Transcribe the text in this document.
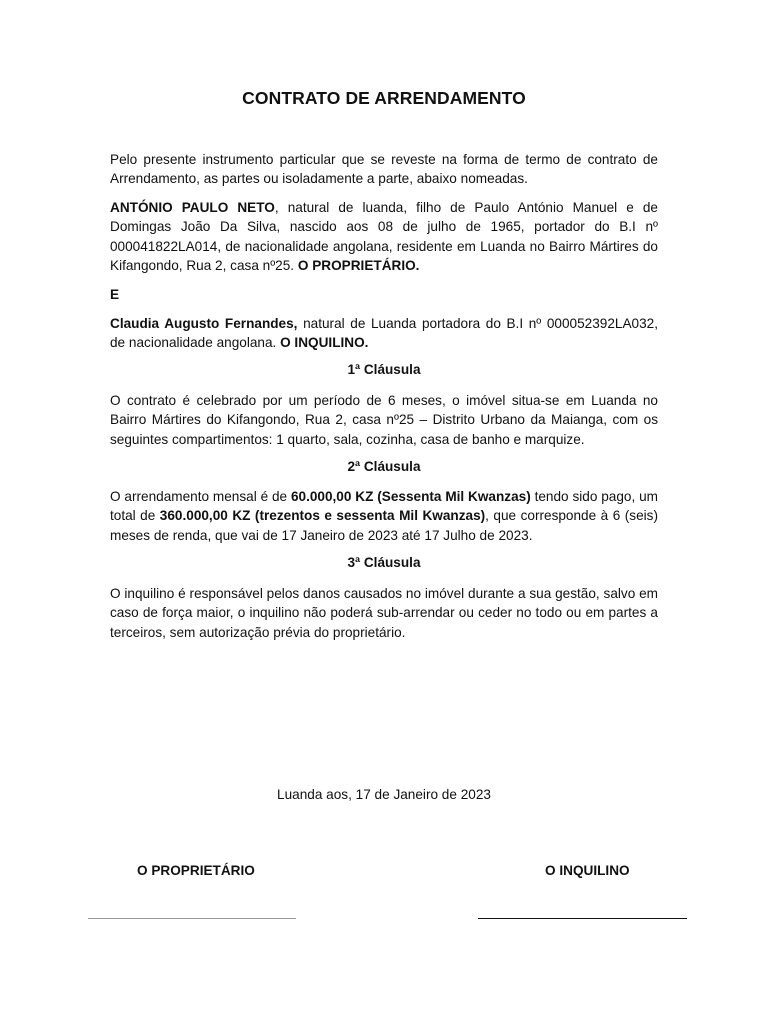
CONTRATO DE ARRENDAMENTO

Pelo presente instrumento particular que se reveste na forma de termo de contrato de Arrendamento, as partes ou isoladamente a parte, abaixo nomeadas.

ANTÓNIO PAULO NETO, natural de luanda, filho de Paulo António Manuel e de Domingas João Da Silva, nascido aos 08 de julho de 1965, portador do B.I nº 000041822LA014, de nacionalidade angolana, residente em Luanda no Bairro Mártires do Kifangondo, Rua 2, casa nº25. O PROPRIETÁRIO.

E

Claudia Augusto Fernandes, natural de Luanda portadora do B.I nº 000052392LA032, de nacionalidade angolana. O INQUILINO.

1ª Cláusula

O contrato é celebrado por um período de 6 meses, o imóvel situa-se em Luanda no Bairro Mártires do Kifangondo, Rua 2, casa nº25 – Distrito Urbano da Maianga, com os seguintes compartimentos: 1 quarto, sala, cozinha, casa de banho e marquize.

2ª Cláusula

O arrendamento mensal é de 60.000,00 KZ (Sessenta Mil Kwanzas) tendo sido pago, um total de 360.000,00 KZ (trezentos e sessenta Mil Kwanzas), que corresponde à 6 (seis) meses de renda, que vai de 17 Janeiro de 2023 até 17 Julho de 2023.

3ª Cláusula

O inquilino é responsável pelos danos causados no imóvel durante a sua gestão, salvo em caso de força maior, o inquilino não poderá sub-arrendar ou ceder no todo ou em partes a terceiros, sem autorização prévia do proprietário.

Luanda aos, 17 de Janeiro de 2023
O PROPRIETÁRIO	O INQUILINO
